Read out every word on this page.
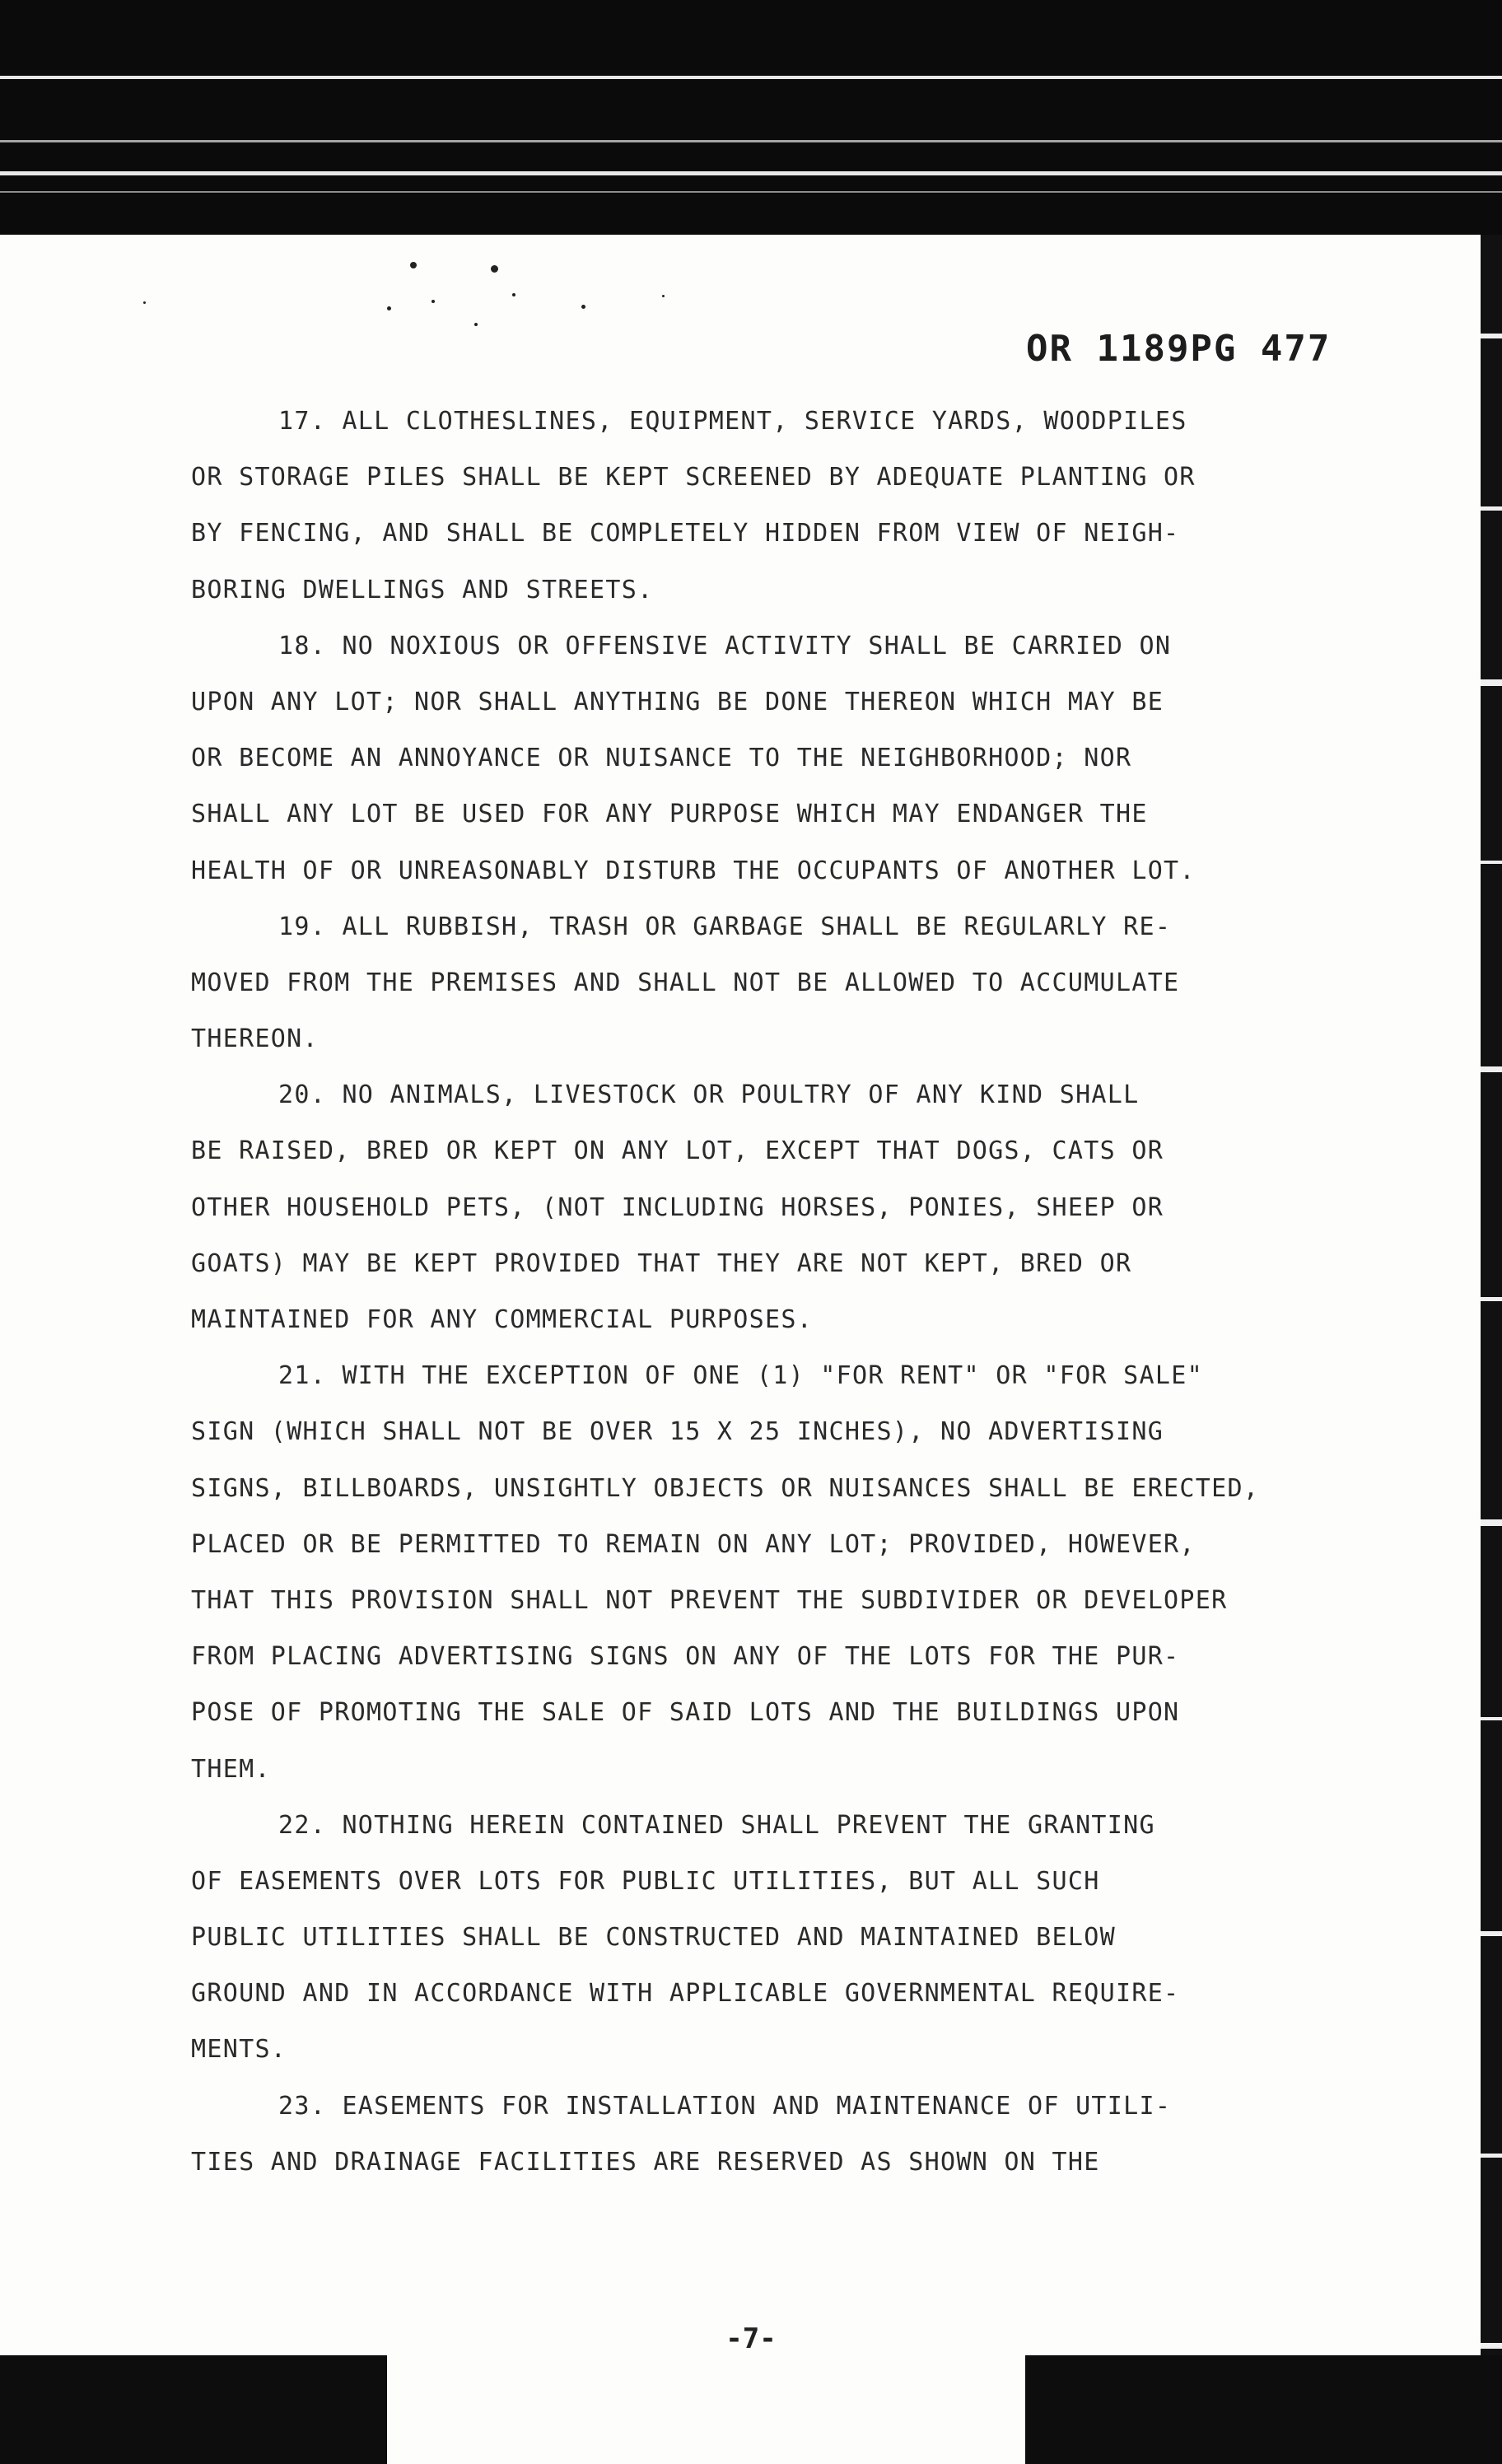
OR 1189PG 477
17. ALL CLOTHESLINES, EQUIPMENT, SERVICE YARDS, WOODPILES
OR STORAGE PILES SHALL BE KEPT SCREENED BY ADEQUATE PLANTING OR
BY FENCING, AND SHALL BE COMPLETELY HIDDEN FROM VIEW OF NEIGH-
BORING DWELLINGS AND STREETS.
18. NO NOXIOUS OR OFFENSIVE ACTIVITY SHALL BE CARRIED ON
UPON ANY LOT; NOR SHALL ANYTHING BE DONE THEREON WHICH MAY BE
OR BECOME AN ANNOYANCE OR NUISANCE TO THE NEIGHBORHOOD; NOR
SHALL ANY LOT BE USED FOR ANY PURPOSE WHICH MAY ENDANGER THE
HEALTH OF OR UNREASONABLY DISTURB THE OCCUPANTS OF ANOTHER LOT.
19. ALL RUBBISH, TRASH OR GARBAGE SHALL BE REGULARLY RE-
MOVED FROM THE PREMISES AND SHALL NOT BE ALLOWED TO ACCUMULATE
THEREON.
20. NO ANIMALS, LIVESTOCK OR POULTRY OF ANY KIND SHALL
BE RAISED, BRED OR KEPT ON ANY LOT, EXCEPT THAT DOGS, CATS OR
OTHER HOUSEHOLD PETS, (NOT INCLUDING HORSES, PONIES, SHEEP OR
GOATS) MAY BE KEPT PROVIDED THAT THEY ARE NOT KEPT, BRED OR
MAINTAINED FOR ANY COMMERCIAL PURPOSES.
21. WITH THE EXCEPTION OF ONE (1) "FOR RENT" OR "FOR SALE"
SIGN (WHICH SHALL NOT BE OVER 15 X 25 INCHES), NO ADVERTISING
SIGNS, BILLBOARDS, UNSIGHTLY OBJECTS OR NUISANCES SHALL BE ERECTED,
PLACED OR BE PERMITTED TO REMAIN ON ANY LOT; PROVIDED, HOWEVER,
THAT THIS PROVISION SHALL NOT PREVENT THE SUBDIVIDER OR DEVELOPER
FROM PLACING ADVERTISING SIGNS ON ANY OF THE LOTS FOR THE PUR-
POSE OF PROMOTING THE SALE OF SAID LOTS AND THE BUILDINGS UPON
THEM.
22. NOTHING HEREIN CONTAINED SHALL PREVENT THE GRANTING
OF EASEMENTS OVER LOTS FOR PUBLIC UTILITIES, BUT ALL SUCH
PUBLIC UTILITIES SHALL BE CONSTRUCTED AND MAINTAINED BELOW
GROUND AND IN ACCORDANCE WITH APPLICABLE GOVERNMENTAL REQUIRE-
MENTS.
23. EASEMENTS FOR INSTALLATION AND MAINTENANCE OF UTILI-
TIES AND DRAINAGE FACILITIES ARE RESERVED AS SHOWN ON THE
-7-
